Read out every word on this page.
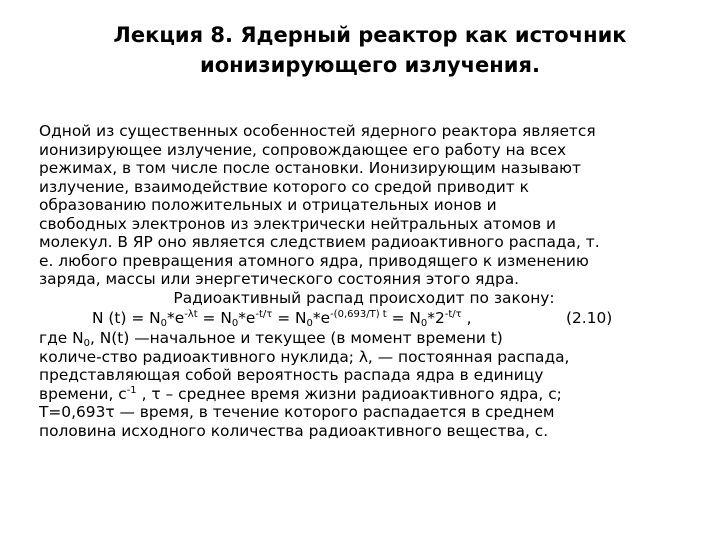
Лекция 8. Ядерный реактор как источник
ионизирующего излучения.
Одной из существенных особенностей ядерного реактора является
ионизирующее излучение, сопровождающее его работу на всех
режимах, в том числе после остановки. Ионизирующим называют
излучение, взаимодействие которого со средой приводит к
образованию положительных и отрицательных ионов и
свободных электронов из электрически нейтральных атомов и
молекул. В ЯР оно является следствием радиоактивного распада, т.
е. любого превращения атомного ядра, приводящего к изменению
заряда, массы или энергетического состояния этого ядра.
Радиоактивный распад происходит по закону:
N $(t) = N_0*e^{-\lambda t} = N_0*e^{-t/\tau} = N_0*e^{-(0,693/T) t} = N_0*2^{-t/\tau}$ ,	(2.10)
где $N_0$, N(t) —начальное и текущее (в момент времени t)
количе-ство радиоактивного нуклида; λ, — постоянная распада,
представляющая собой вероятность распада ядра в единицу
времени, $с^{-1}$ , τ – среднее время жизни радиоактивного ядра, с;
T=0,693τ — время, в течение которого распадается в среднем
половина исходного количества радиоактивного вещества, с.
